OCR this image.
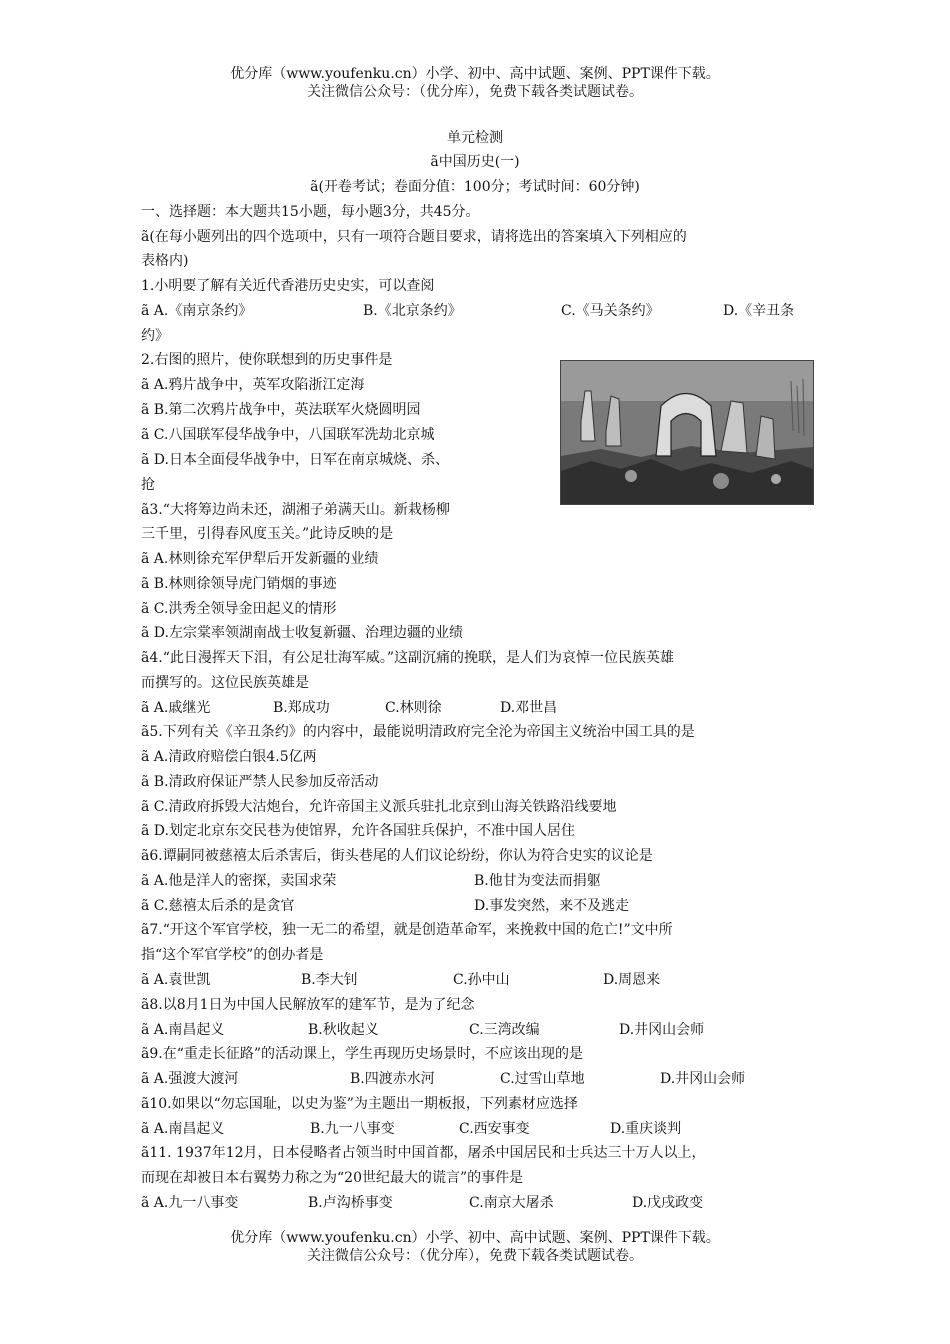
优分库（www.youfenku.cn）小学、初中、高中试题、案例、PPT课件下载。
关注微信公众号：（优分库），免费下载各类试题试卷。
单元检测
ã中国历史(一)
ã(开卷考试；卷面分值：100分；考试时间：60分钟)
一、选择题：本大题共15小题，每小题3分，共45分。
ã(在每小题列出的四个选项中，只有一项符合题目要求，请将选出的答案填入下列相应的
表格内)
1.小明要了解有关近代香港历史史实，可以查阅
ã A.《南京条约》	B.《北京条约》	C.《马关条约》	D.《辛丑条
约》
2.右图的照片，使你联想到的历史事件是
ã A.鸦片战争中，英军攻陷浙江定海
ã B.第二次鸦片战争中，英法联军火烧圆明园
ã C.八国联军侵华战争中，八国联军洗劫北京城
ã D.日本全面侵华战争中，日军在南京城烧、杀、
抢
ã3.“大将筹边尚未还，湖湘子弟满天山。新栽杨柳
三千里，引得春风度玉关。”此诗反映的是
ã A.林则徐充军伊犁后开发新疆的业绩
ã B.林则徐领导虎门销烟的事迹
ã C.洪秀全领导金田起义的情形
ã D.左宗棠率领湖南战士收复新疆、治理边疆的业绩
ã4.“此日漫挥天下泪，有公足壮海军威。”这副沉痛的挽联，是人们为哀悼一位民族英雄
而撰写的。这位民族英雄是
ã A.戚继光	B.郑成功	C.林则徐	D.邓世昌
ã5.下列有关《辛丑条约》的内容中，最能说明清政府完全沦为帝国主义统治中国工具的是
ã A.清政府赔偿白银4.5亿两
ã B.清政府保证严禁人民参加反帝活动
ã C.清政府拆毁大沽炮台，允许帝国主义派兵驻扎北京到山海关铁路沿线要地
ã D.划定北京东交民巷为使馆界，允许各国驻兵保护，不准中国人居住
ã6.谭嗣同被慈禧太后杀害后，街头巷尾的人们议论纷纷，你认为符合史实的议论是
ã A.他是洋人的密探，卖国求荣	B.他甘为变法而捐躯
ã C.慈禧太后杀的是贪官	D.事发突然，来不及逃走
ã7.“开这个军官学校，独一无二的希望，就是创造革命军，来挽救中国的危亡!”文中所
指“这个军官学校”的创办者是
ã A.袁世凯	B.李大钊	C.孙中山	D.周恩来
ã8.以8月1日为中国人民解放军的建军节，是为了纪念
ã A.南昌起义	B.秋收起义	C.三湾改编	D.井冈山会师
ã9.在“重走长征路”的活动课上，学生再现历史场景时，不应该出现的是
ã A.强渡大渡河	B.四渡赤水河	C.过雪山草地	D.井冈山会师
ã10.如果以“勿忘国耻，以史为鉴”为主题出一期板报，下列素材应选择
ã A.南昌起义	B.九一八事变	C.西安事变	D.重庆谈判
ã11. 1937年12月，日本侵略者占领当时中国首都，屠杀中国居民和士兵达三十万人以上，
而现在却被日本右翼势力称之为“20世纪最大的谎言”的事件是
ã A.九一八事变	B.卢沟桥事变	C.南京大屠杀	D.戊戌政变
优分库（www.youfenku.cn）小学、初中、高中试题、案例、PPT课件下载。
关注微信公众号：（优分库），免费下载各类试题试卷。
